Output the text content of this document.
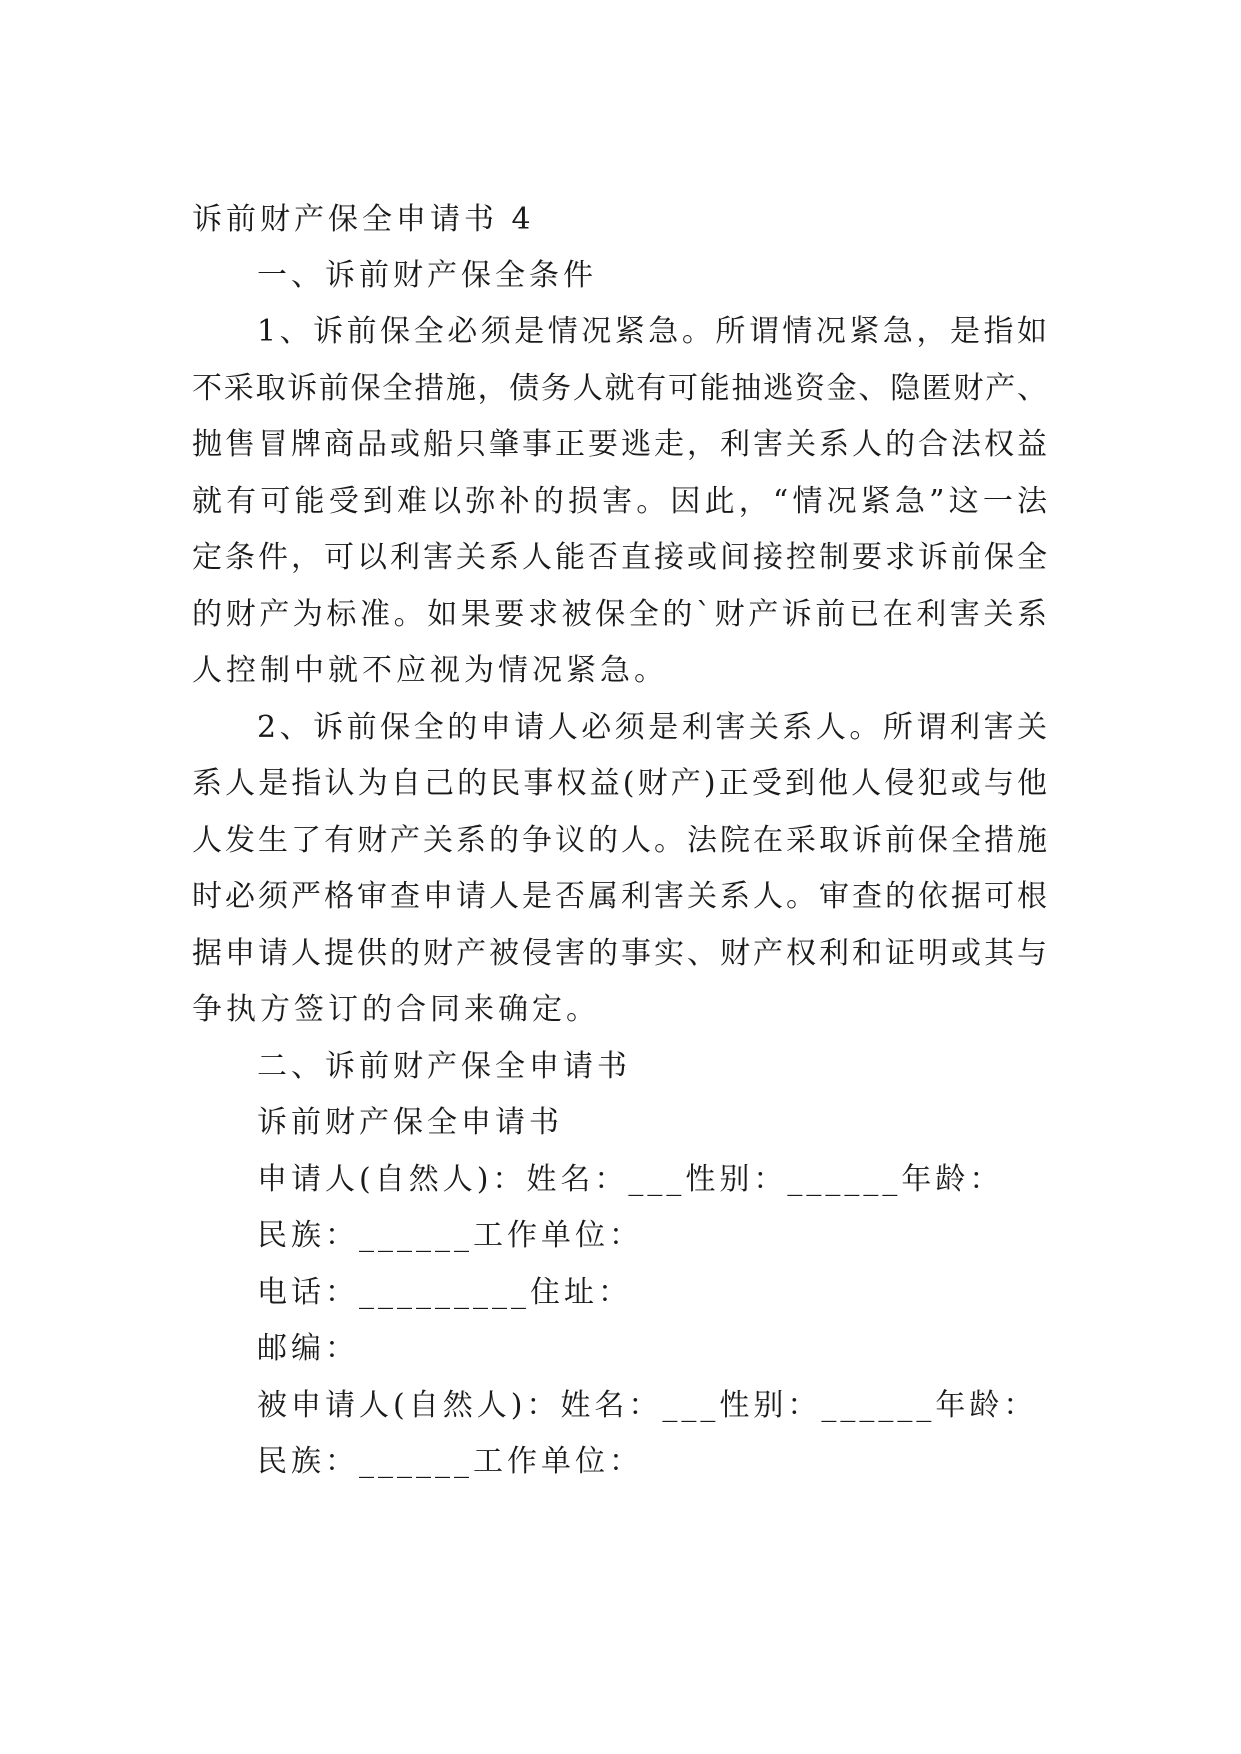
诉前财产保全申请书 4
一、诉前财产保全条件
1、诉前保全必须是情况紧急。所谓情况紧急，是指如
不采取诉前保全措施，债务人就有可能抽逃资金、隐匿财产、
抛售冒牌商品或船只肇事正要逃走，利害关系人的合法权益
就有可能受到难以弥补的损害。因此，“情况紧急”这一法
定条件，可以利害关系人能否直接或间接控制要求诉前保全
的财产为标准。如果要求被保全的`财产诉前已在利害关系
人控制中就不应视为情况紧急。
2、诉前保全的申请人必须是利害关系人。所谓利害关
系人是指认为自己的民事权益(财产)正受到他人侵犯或与他
人发生了有财产关系的争议的人。法院在采取诉前保全措施
时必须严格审查申请人是否属利害关系人。审查的依据可根
据申请人提供的财产被侵害的事实、财产权利和证明或其与
争执方签订的合同来确定。
二、诉前财产保全申请书
诉前财产保全申请书
申请人(自然人)：姓名：___性别：______年龄：
民族：______工作单位：
电话：_________住址：
邮编：
被申请人(自然人)：姓名：___性别：______年龄：
民族：______工作单位：
